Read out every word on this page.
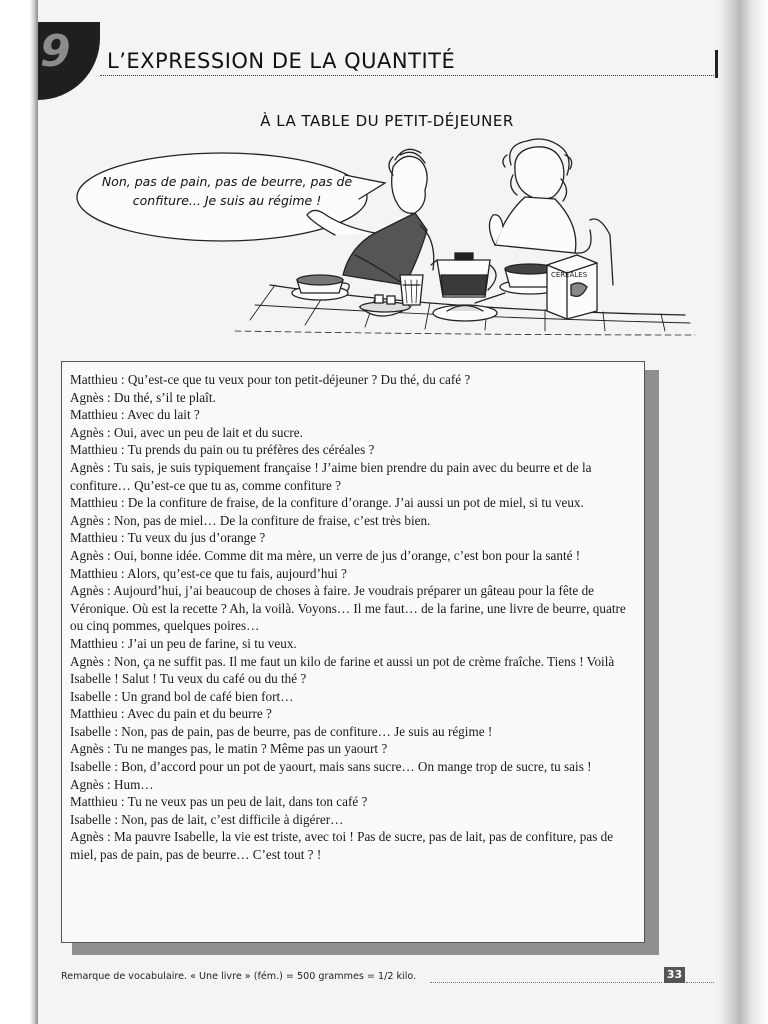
9 L’EXPRESSION DE LA QUANTITÉ
À LA TABLE DU PETIT-DÉJEUNER
CÉRÉALES
Non, pas de pain, pas de beurre, pas de confiture... Je suis au régime !

Matthieu : Qu’est-ce que tu veux pour ton petit-déjeuner ? Du thé, du café ?

Agnès : Du thé, s’il te plaît.

Matthieu : Avec du lait ?

Agnès : Oui, avec un peu de lait et du sucre.

Matthieu : Tu prends du pain ou tu préfères des céréales ?

Agnès : Tu sais, je suis typiquement française ! J’aime bien prendre du pain avec du beurre et de la confiture… Qu’est-ce que tu as, comme confiture ?

Matthieu : De la confiture de fraise, de la confiture d’orange. J’ai aussi un pot de miel, si tu veux.

Agnès : Non, pas de miel… De la confiture de fraise, c’est très bien.

Matthieu : Tu veux du jus d’orange ?

Agnès : Oui, bonne idée. Comme dit ma mère, un verre de jus d’orange, c’est bon pour la santé !

Matthieu : Alors, qu’est-ce que tu fais, aujourd’hui ?

Agnès : Aujourd’hui, j’ai beaucoup de choses à faire. Je voudrais préparer un gâteau pour la fête de Véronique. Où est la recette ? Ah, la voilà. Voyons… Il me faut… de la farine, une livre de beurre, quatre ou cinq pommes, quelques poires…

Matthieu : J’ai un peu de farine, si tu veux.

Agnès : Non, ça ne suffit pas. Il me faut un kilo de farine et aussi un pot de crème fraîche. Tiens ! Voilà Isabelle ! Salut ! Tu veux du café ou du thé ?

Isabelle : Un grand bol de café bien fort…

Matthieu : Avec du pain et du beurre ?

Isabelle : Non, pas de pain, pas de beurre, pas de confiture… Je suis au régime !

Agnès : Tu ne manges pas, le matin ? Même pas un yaourt ?

Isabelle : Bon, d’accord pour un pot de yaourt, mais sans sucre… On mange trop de sucre, tu sais !

Agnès : Hum…

Matthieu : Tu ne veux pas un peu de lait, dans ton café ?

Isabelle : Non, pas de lait, c’est difficile à digérer…

Agnès : Ma pauvre Isabelle, la vie est triste, avec toi ! Pas de sucre, pas de lait, pas de confiture, pas de miel, pas de pain, pas de beurre… C’est tout ? !

Remarque de vocabulaire. « Une livre » (fém.) = 500 grammes = 1/2 kilo.	33
